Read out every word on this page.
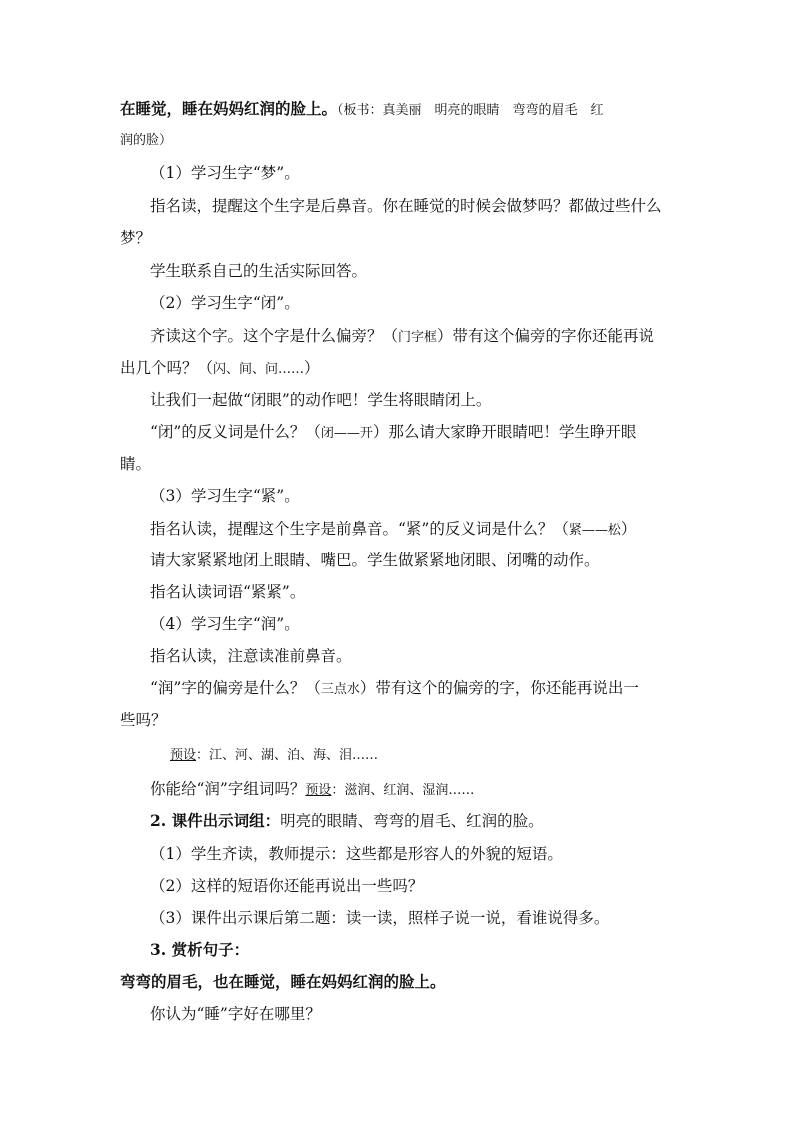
在睡觉，睡在妈妈红润的脸上。（板书：真美丽　明亮的眼睛　弯弯的眉毛　红
润的脸）
（1）学习生字“梦”。
指名读，提醒这个生字是后鼻音。你在睡觉的时候会做梦吗？都做过些什么
梦？
学生联系自己的生活实际回答。
（2）学习生字“闭”。
齐读这个字。这个字是什么偏旁？（门字框）带有这个偏旁的字你还能再说
出几个吗？（闪、间、问……）
让我们一起做“闭眼”的动作吧！学生将眼睛闭上。
“闭”的反义词是什么？（闭——开）那么请大家睁开眼睛吧！学生睁开眼
睛。
（3）学习生字“紧”。
指名认读，提醒这个生字是前鼻音。“紧”的反义词是什么？（紧——松）
请大家紧紧地闭上眼睛、嘴巴。学生做紧紧地闭眼、闭嘴的动作。
指名认读词语“紧紧”。
（4）学习生字“润”。
指名认读，注意读准前鼻音。
“润”字的偏旁是什么？（三点水）带有这个的偏旁的字，你还能再说出一
些吗？
预设：江、河、湖、泊、海、泪……
你能给“润”字组词吗？预设：滋润、红润、湿润……
2. 课件出示词组：明亮的眼睛、弯弯的眉毛、红润的脸。
（1）学生齐读，教师提示：这些都是形容人的外貌的短语。
（2）这样的短语你还能再说出一些吗？
（3）课件出示课后第二题：读一读，照样子说一说，看谁说得多。
3. 赏析句子：
弯弯的眉毛，也在睡觉，睡在妈妈红润的脸上。
你认为“睡”字好在哪里？
